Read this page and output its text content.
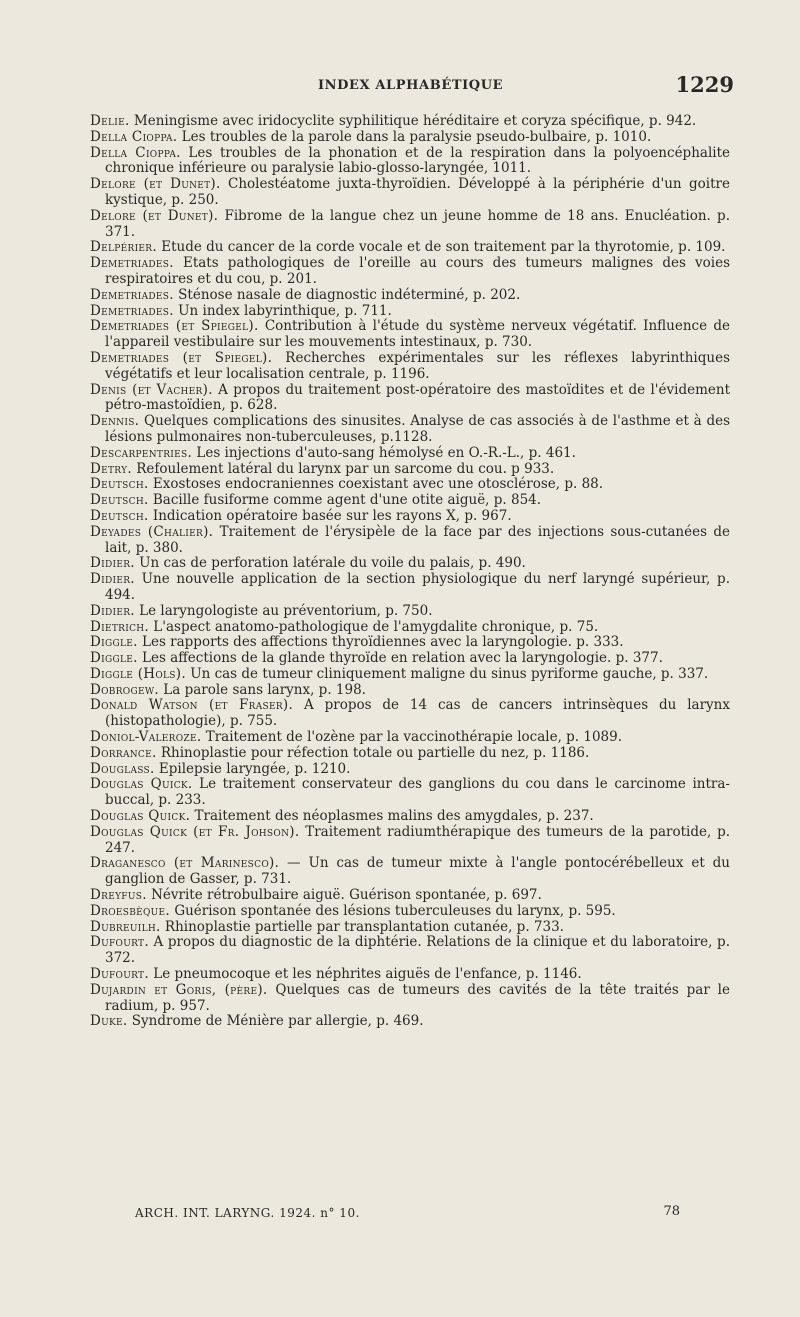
INDEX ALPHABÉTIQUE	1229

Delie. Meningisme avec iridocyclite syphilitique héréditaire et coryza spécifique, p. 942.

Della Cioppa. Les troubles de la parole dans la paralysie pseudo-bulbaire, p. 1010.

Della Cioppa. Les troubles de la phonation et de la respiration dans la polyoencéphalite chronique inférieure ou paralysie labio-glosso-laryngée, 1011.

Delore (et Dunet). Cholestéatome juxta-thyroïdien. Développé à la périphérie d'un goitre kystique, p. 250.

Delore (et Dunet). Fibrome de la langue chez un jeune homme de 18 ans. Enucléation. p. 371.

Delpérier. Etude du cancer de la corde vocale et de son traitement par la thyrotomie, p. 109.

Demetriades. Etats pathologiques de l'oreille au cours des tumeurs malignes des voies respiratoires et du cou, p. 201.

Demetriades. Sténose nasale de diagnostic indéterminé, p. 202.

Demetriades. Un index labyrinthique, p. 711.

Demetriades (et Spiegel). Contribution à l'étude du système nerveux végétatif. Influence de l'appareil vestibulaire sur les mouvements intestinaux, p. 730.

Demetriades (et Spiegel). Recherches expérimentales sur les réflexes labyrinthiques végétatifs et leur localisation centrale, p. 1196.

Denis (et Vacher). A propos du traitement post-opératoire des mastoïdites et de l'évidement pétro-mastoïdien, p. 628.

Dennis. Quelques complications des sinusites. Analyse de cas associés à de l'asthme et à des lésions pulmonaires non-tuberculeuses, p.1128.

Descarpentries. Les injections d'auto-sang hémolysé en O.-R.-L., p. 461.

Detry. Refoulement latéral du larynx par un sarcome du cou. p 933.

Deutsch. Exostoses endocraniennes coexistant avec une otosclérose, p. 88.

Deutsch. Bacille fusiforme comme agent d'une otite aiguë, p. 854.

Deutsch. Indication opératoire basée sur les rayons X, p. 967.

Deyades (Chalier). Traitement de l'érysipèle de la face par des injections sous-cutanées de lait, p. 380.

Didier. Un cas de perforation latérale du voile du palais, p. 490.

Didier. Une nouvelle application de la section physiologique du nerf laryngé supérieur, p. 494.

Didier. Le laryngologiste au préventorium, p. 750.

Dietrich. L'aspect anatomo-pathologique de l'amygdalite chronique, p. 75.

Diggle. Les rapports des affections thyroïdiennes avec la laryngologie. p. 333.

Diggle. Les affections de la glande thyroïde en relation avec la laryngologie. p. 377.

Diggle (Hols). Un cas de tumeur cliniquement maligne du sinus pyriforme gauche, p. 337.

Dobrogew. La parole sans larynx, p. 198.

Donald Watson (et Fraser). A propos de 14 cas de cancers intrinsèques du larynx (histopathologie), p. 755.

Doniol-Valeroze. Traitement de l'ozène par la vaccinothérapie locale, p. 1089.

Dorrance. Rhinoplastie pour réfection totale ou partielle du nez, p. 1186.

Douglass. Epilepsie laryngée, p. 1210.

Douglas Quick. Le traitement conservateur des ganglions du cou dans le carcinome intra-buccal, p. 233.

Douglas Quick. Traitement des néoplasmes malins des amygdales, p. 237.

Douglas Quick (et Fr. Johson). Traitement radiumthérapique des tumeurs de la parotide, p. 247.

Draganesco (et Marinesco). — Un cas de tumeur mixte à l'angle pontocérébelleux et du ganglion de Gasser, p. 731.

Dreyfus. Névrite rétrobulbaire aiguë. Guérison spontanée, p. 697.

Droesbèque. Guérison spontanée des lésions tuberculeuses du larynx, p. 595.

Dubreuilh. Rhinoplastie partielle par transplantation cutanée, p. 733.

Dufourt. A propos du diagnostic de la diphtérie. Relations de la clinique et du laboratoire, p. 372.

Dufourt. Le pneumocoque et les néphrites aiguës de l'enfance, p. 1146.

Dujardin et Goris, (père). Quelques cas de tumeurs des cavités de la tête traités par le radium, p. 957.

Duke. Syndrome de Ménière par allergie, p. 469.

ARCH. INT. LARYNG. 1924. n° 10.	78
